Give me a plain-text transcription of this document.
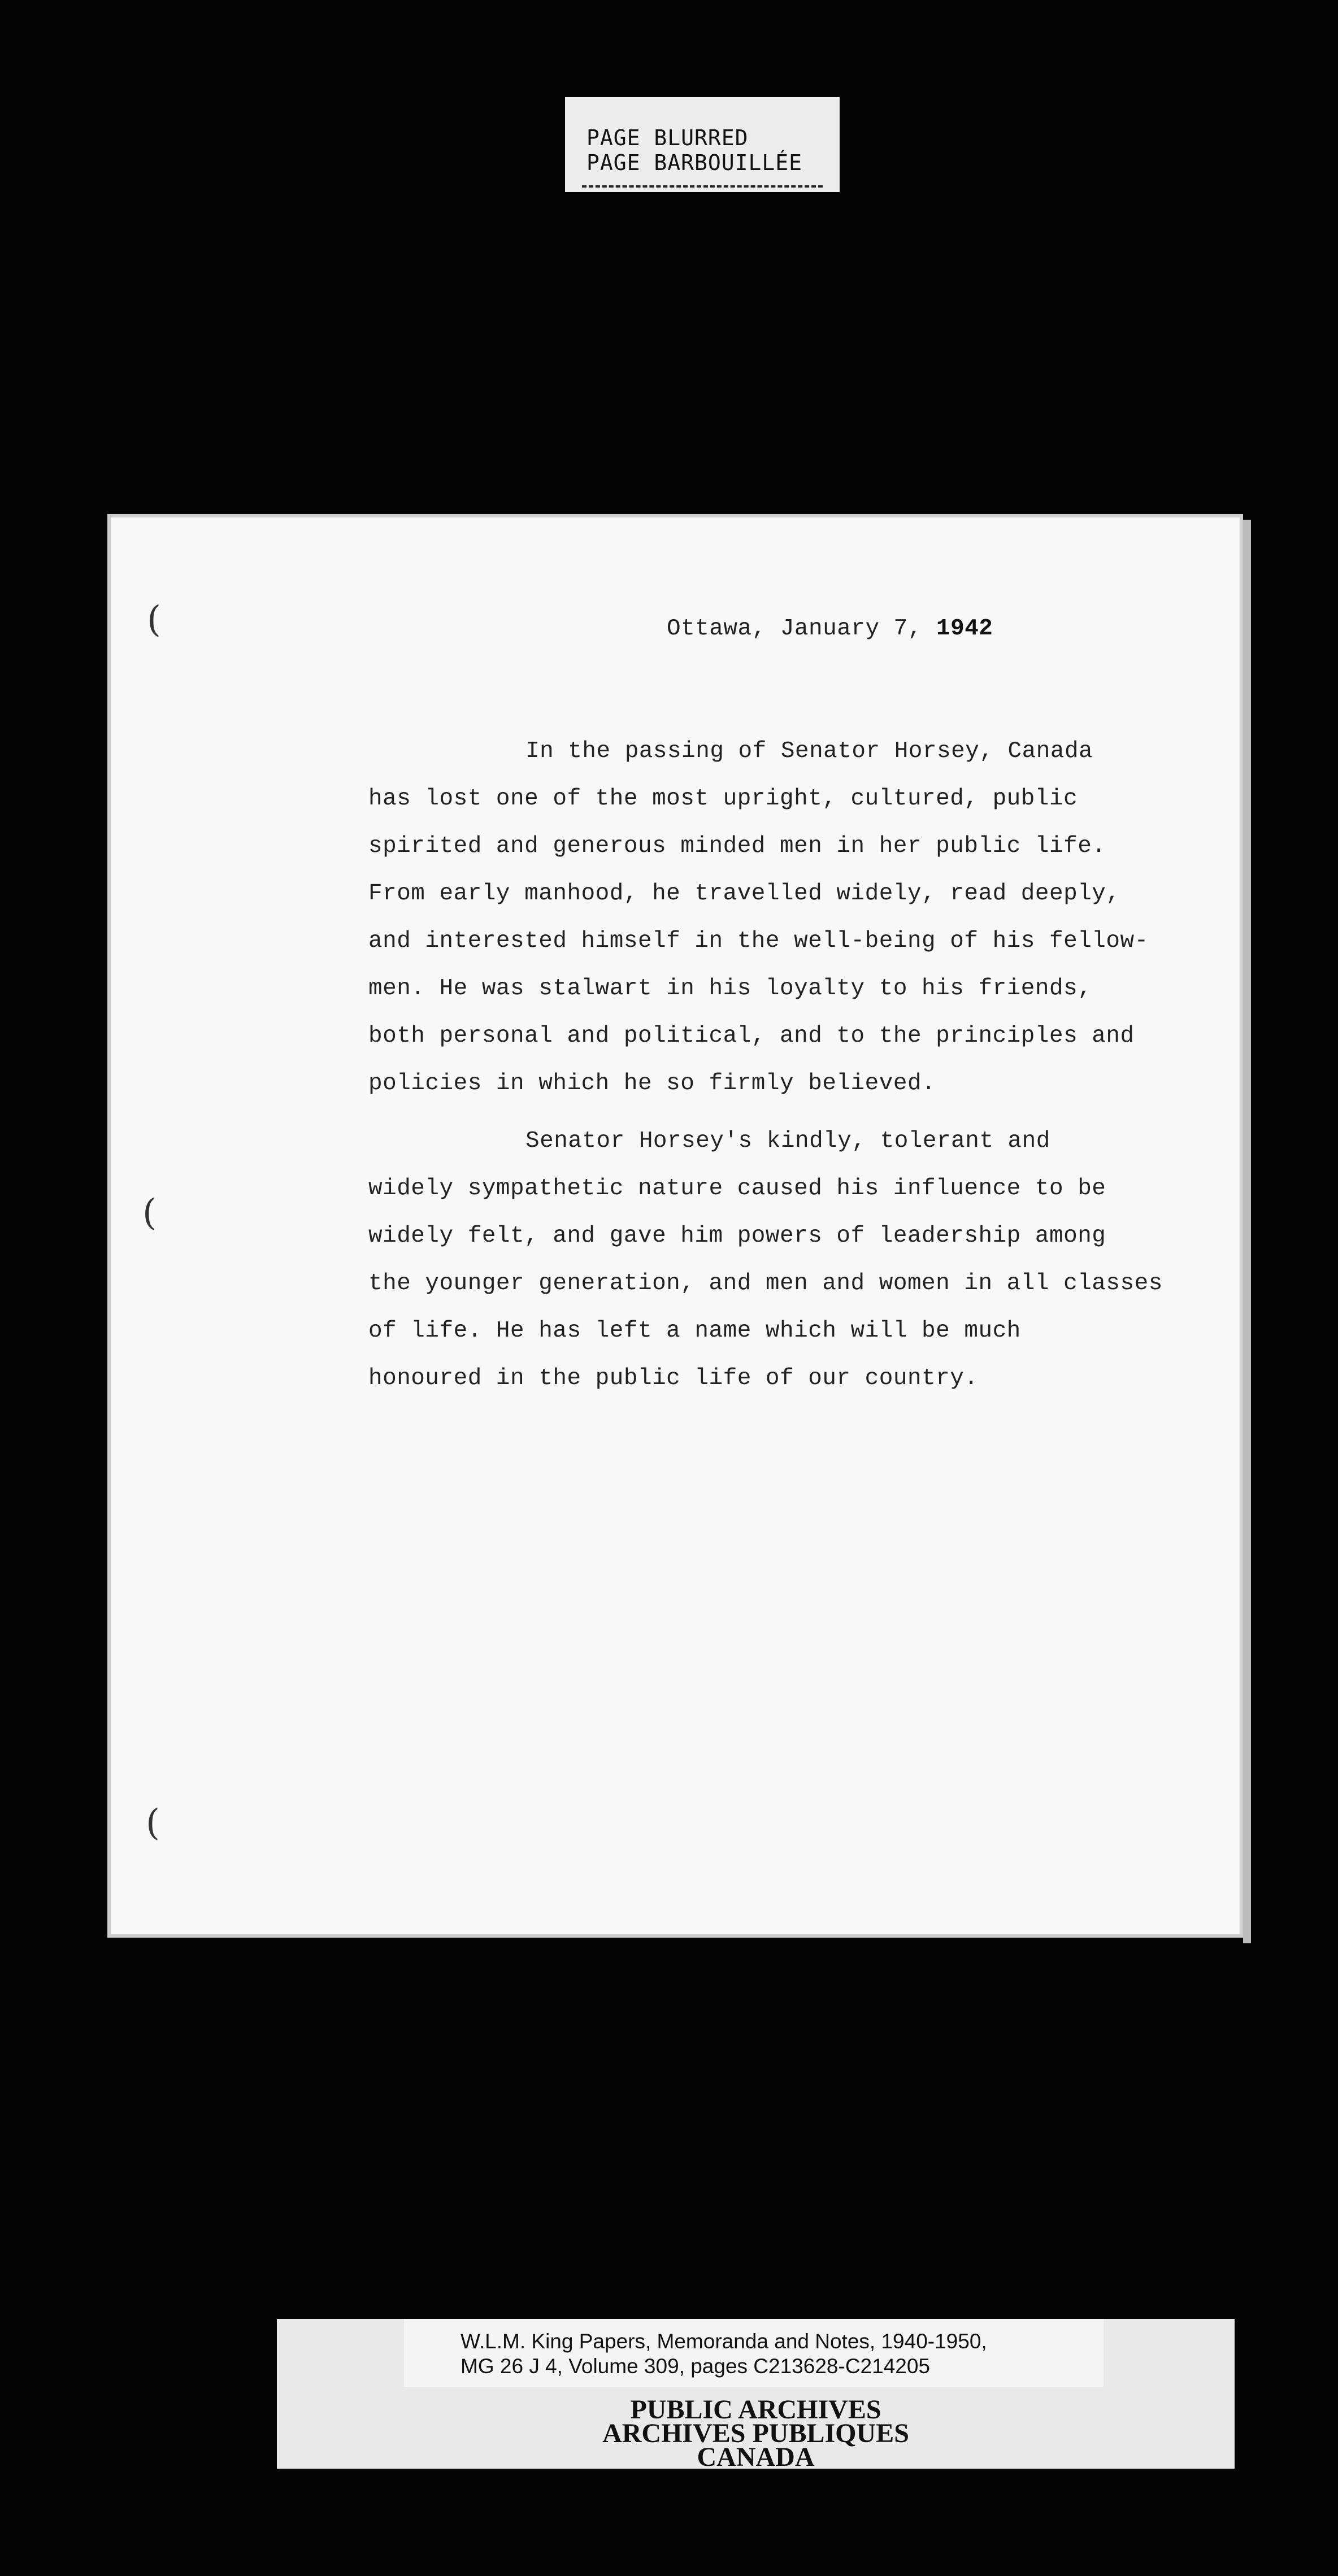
PAGE BLURRED
PAGE BARBOUILLÉE
(
(
(
Ottawa, January 7, 1942
In the passing of Senator Horsey, Canada
has lost one of the most upright, cultured, public
spirited and generous minded men in her public life.
From early manhood, he travelled widely, read deeply,
and interested himself in the well-being of his fellow-
men. He was stalwart in his loyalty to his friends,
both personal and political, and to the principles and
policies in which he so firmly believed.
Senator Horsey's kindly, tolerant and
widely sympathetic nature caused his influence to be
widely felt, and gave him powers of leadership among
the younger generation, and men and women in all classes
of life. He has left a name which will be much
honoured in the public life of our country.
W.L.M. King Papers, Memoranda and Notes, 1940-1950,
MG 26 J 4, Volume 309, pages C213628-C214205
PUBLIC ARCHIVES
ARCHIVES PUBLIQUES
CANADA
